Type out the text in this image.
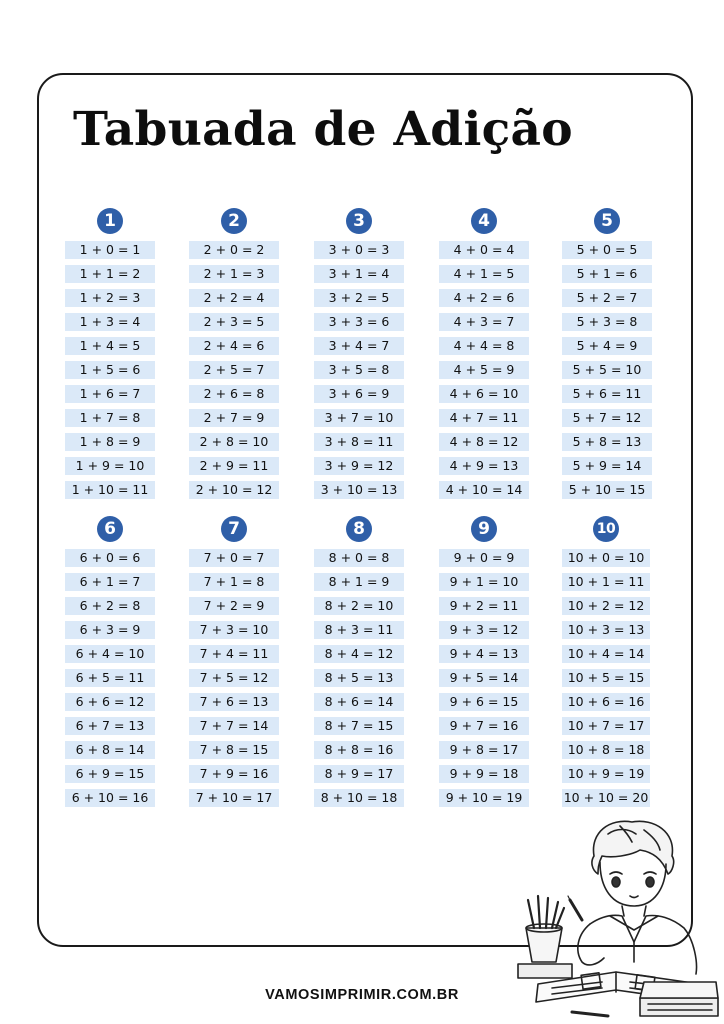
Tabuada de Adição
1
1 + 0 = 1
1 + 1 = 2
1 + 2 = 3
1 + 3 = 4
1 + 4 = 5
1 + 5 = 6
1 + 6 = 7
1 + 7 = 8
1 + 8 = 9
1 + 9 = 10
1 + 10 = 11
2
2 + 0 = 2
2 + 1 = 3
2 + 2 = 4
2 + 3 = 5
2 + 4 = 6
2 + 5 = 7
2 + 6 = 8
2 + 7 = 9
2 + 8 = 10
2 + 9 = 11
2 + 10 = 12
3
3 + 0 = 3
3 + 1 = 4
3 + 2 = 5
3 + 3 = 6
3 + 4 = 7
3 + 5 = 8
3 + 6 = 9
3 + 7 = 10
3 + 8 = 11
3 + 9 = 12
3 + 10 = 13
4
4 + 0 = 4
4 + 1 = 5
4 + 2 = 6
4 + 3 = 7
4 + 4 = 8
4 + 5 = 9
4 + 6 = 10
4 + 7 = 11
4 + 8 = 12
4 + 9 = 13
4 + 10 = 14
5
5 + 0 = 5
5 + 1 = 6
5 + 2 = 7
5 + 3 = 8
5 + 4 = 9
5 + 5 = 10
5 + 6 = 11
5 + 7 = 12
5 + 8 = 13
5 + 9 = 14
5 + 10 = 15
6
6 + 0 = 6
6 + 1 = 7
6 + 2 = 8
6 + 3 = 9
6 + 4 = 10
6 + 5 = 11
6 + 6 = 12
6 + 7 = 13
6 + 8 = 14
6 + 9 = 15
6 + 10 = 16
7
7 + 0 = 7
7 + 1 = 8
7 + 2 = 9
7 + 3 = 10
7 + 4 = 11
7 + 5 = 12
7 + 6 = 13
7 + 7 = 14
7 + 8 = 15
7 + 9 = 16
7 + 10 = 17
8
8 + 0 = 8
8 + 1 = 9
8 + 2 = 10
8 + 3 = 11
8 + 4 = 12
8 + 5 = 13
8 + 6 = 14
8 + 7 = 15
8 + 8 = 16
8 + 9 = 17
8 + 10 = 18
9
9 + 0 = 9
9 + 1 = 10
9 + 2 = 11
9 + 3 = 12
9 + 4 = 13
9 + 5 = 14
9 + 6 = 15
9 + 7 = 16
9 + 8 = 17
9 + 9 = 18
9 + 10 = 19
10
10 + 0 = 10
10 + 1 = 11
10 + 2 = 12
10 + 3 = 13
10 + 4 = 14
10 + 5 = 15
10 + 6 = 16
10 + 7 = 17
10 + 8 = 18
10 + 9 = 19
10 + 10 = 20

VAMOSIMPRIMIR.COM.BR
